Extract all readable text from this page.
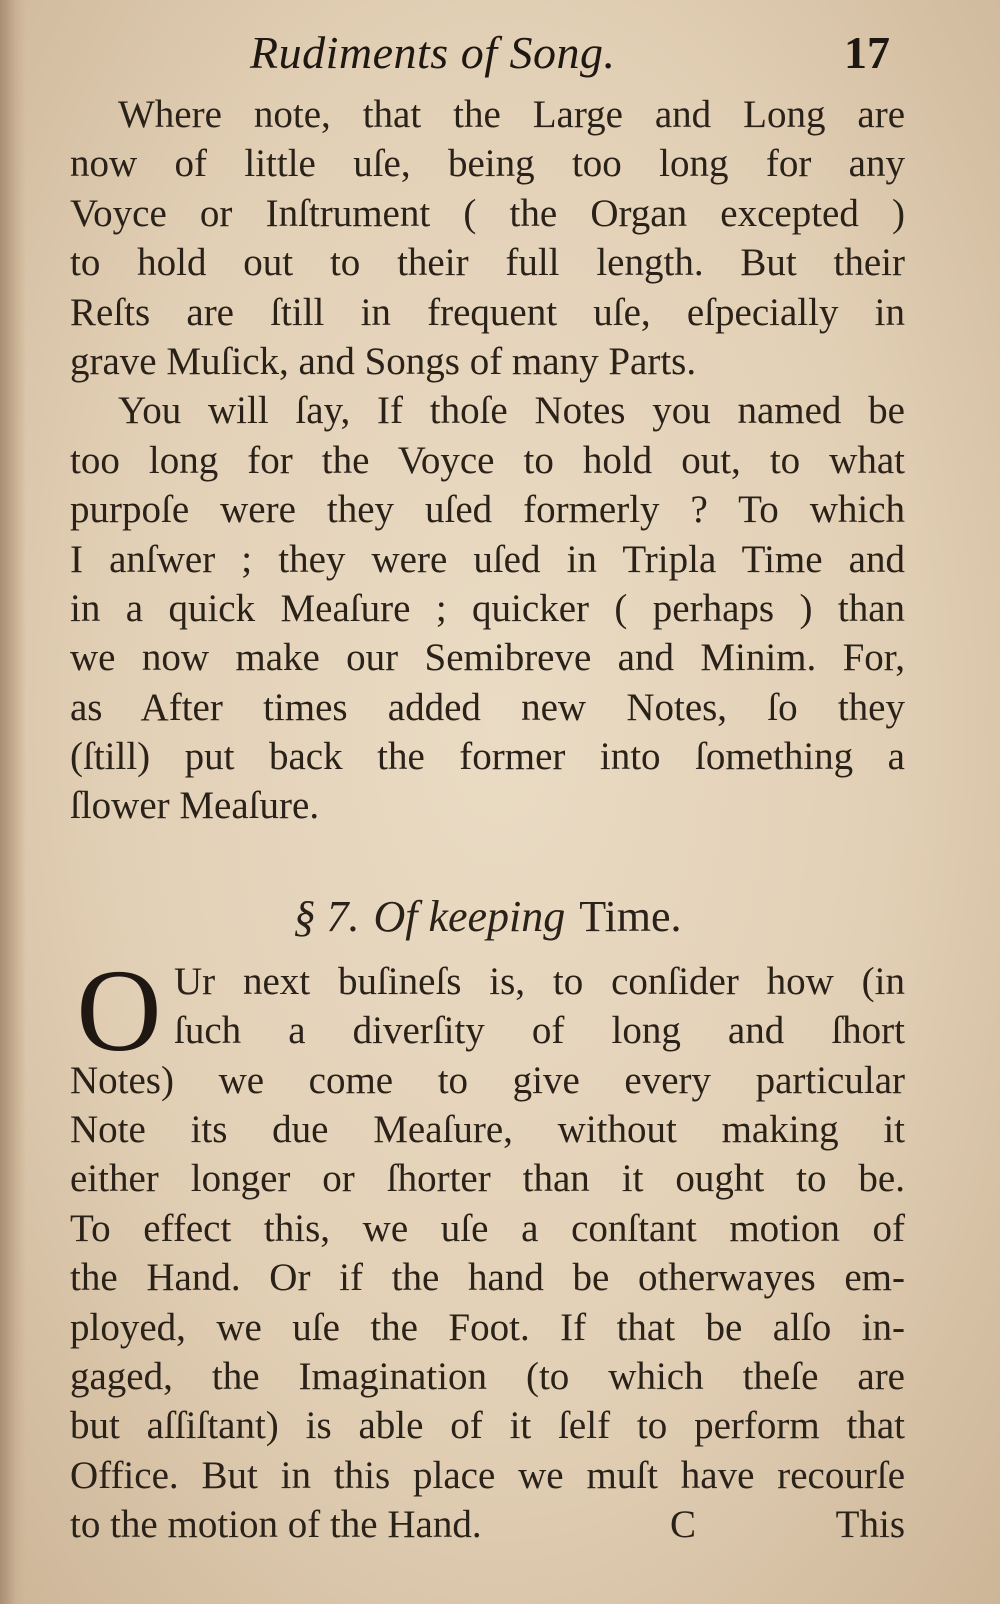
Rudiments of Song.	17
Where note, that the Large and Long are
now of little uſe, being too long for any
Voyce or Inſtrument ( the Organ excepted )
to hold out to their full length. But their
Reſts are ſtill in frequent uſe, eſpecially in
grave Muſick, and Songs of many Parts.
You will ſay, If thoſe Notes you named be
too long for the Voyce to hold out, to what
purpoſe were they uſed formerly ? To which
I anſwer ; they were uſed in Tripla Time and
in a quick Meaſure ; quicker ( perhaps ) than
we now make our Semibreve and Minim. For,
as After times added new Notes, ſo they
(ſtill) put back the former into ſomething a
ſlower Meaſure.
§ 7. Of keeping Time.
O Ur next buſineſs is, to conſider how (in
ſuch a diverſity of long and ſhort
Notes) we come to give every particular
Note its due Meaſure, without making it
either longer or ſhorter than it ought to be.
To effect this, we uſe a conſtant motion of
the Hand. Or if the hand be otherwayes em-
ployed, we uſe the Foot. If that be alſo in-
gaged, the Imagination (to which theſe are
but aſſiſtant) is able of it ſelf to perform that
Office. But in this place we muſt have recourſe
to the motion of the Hand.	C	This
